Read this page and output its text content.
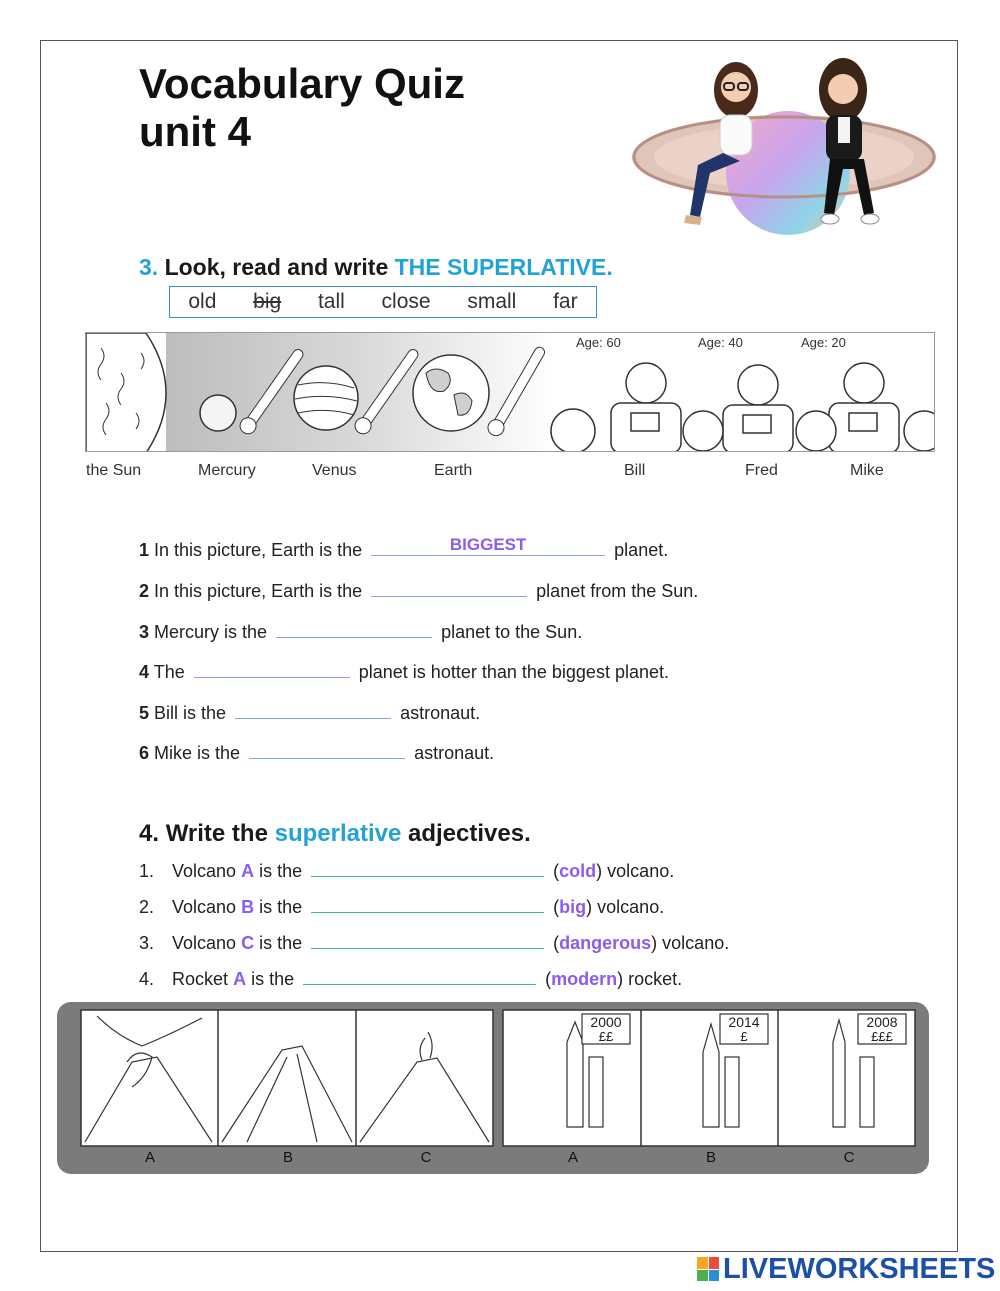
Vocabulary Quiz
unit 4
3. Look, read and write THE SUPERLATIVE.
old big tall close small far
Age: 60	Age: 40	Age: 20
the Sun	Mercury	Venus	Earth	Bill	Fred	Mike
1 In this picture, Earth is the	BIGGEST	planet.
2 In this picture, Earth is the	planet from the Sun.
3 Mercury is the	planet to the Sun.
4 The	planet is hotter than the biggest planet.
5 Bill is the	astronaut.
6 Mike is the	astronaut.
4. Write the superlative adjectives.
1. Volcano A is the	(cold) volcano.
2. Volcano B is the	(big) volcano.
3. Volcano C is the	(dangerous) volcano.
4. Rocket A is the	(modern) rocket.
2000
££
2014
£
2008
£££
A	B	C	A	B	C
LIVEWORKSHEETS
